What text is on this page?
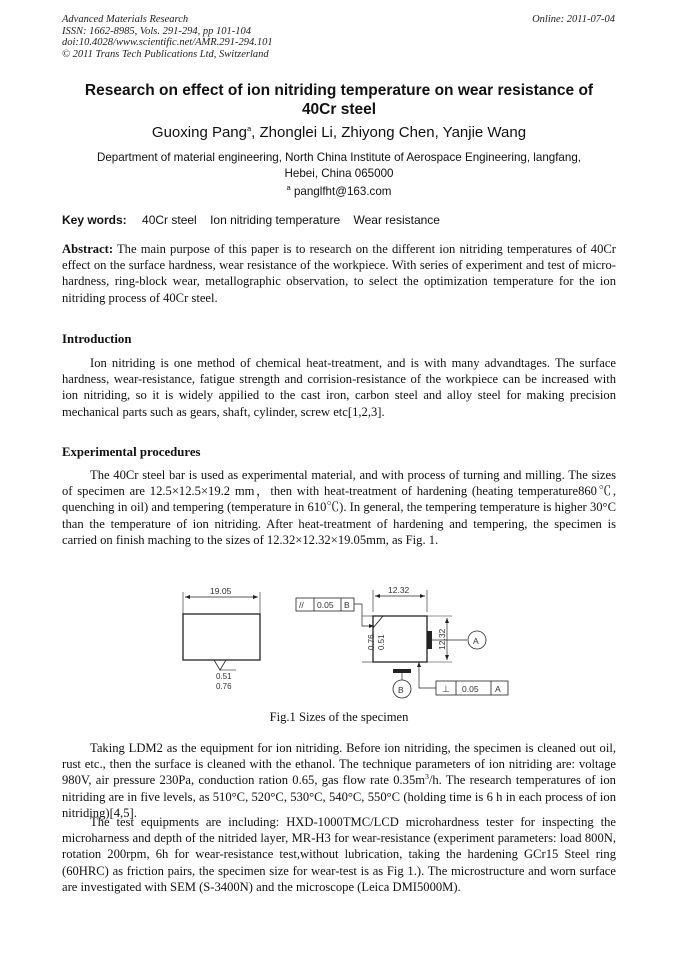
Advanced Materials Research
ISSN: 1662-8985, Vols. 291-294, pp 101-104
doi:10.4028/www.scientific.net/AMR.291-294.101
© 2011 Trans Tech Publications Ltd, Switzerland
Online: 2011-07-04
Research on effect of ion nitriding temperature on wear resistance of
40Cr steel
Guoxing Pang$^a$, Zhonglei Li, Zhiyong Chen, Yanjie Wang
Department of material engineering, North China Institute of Aerospace Engineering, langfang,
Hebei, China 065000
$^a$ panglfht@163.com
Key words: 40Cr steel Ion nitriding temperature Wear resistance
Abstract: The main purpose of this paper is to research on the different ion nitriding temperatures of 40Cr effect on the surface hardness, wear resistance of the workpiece. With series of experiment and test of micro-hardness, ring-block wear, metallographic observation, to select the optimization temperature for the ion nitriding process of 40Cr steel.
Introduction
Ion nitriding is one method of chemical heat-treatment, and is with many advandtages. The surface hardness, wear-resistance, fatigue strength and corrision-resistance of the workpiece can be increased with ion nitriding, so it is widely appilied to the cast iron, carbon steel and alloy steel for making precision mechanical parts such as gears, shaft, cylinder, screw etc[1,2,3].
Experimental procedures
The 40Cr steel bar is used as experimental material, and with process of turning and milling. The sizes of specimen are 12.5×12.5×19.2 mm，then with heat-treatment of hardening (heating temperature860℃, quenching in oil) and tempering (temperature in 610℃). In general, the tempering temperature is higher 30°C than the temperature of ion nitriding. After heat-treatment of hardening and tempering, the specimen is carried on finish maching to the sizes of 12.32×12.32×19.05mm, as Fig. 1.
19.05
0.51
0.76
12.32
// 0.05 B
A
12.32
0.76 0.51
B	⊥ 0.05 A
Fig.1 Sizes of the specimen
Taking LDM2 as the equipment for ion nitriding. Before ion nitriding, the specimen is cleaned out oil, rust etc., then the surface is cleaned with the ethanol. The technique parameters of ion nitriding are: voltage 980V, air pressure 230Pa, conduction ration 0.65, gas flow rate $0.35m^3/h$. The research temperatures of ion nitriding are in five levels, as 510°C, 520°C, 530°C, 540°C, 550°C (holding time is 6 h in each process of ion nitriding)[4,5].
The test equipments are including: HXD-1000TMC/LCD microhardness tester for inspecting the microharness and depth of the nitrided layer, MR-H3 for wear-resistance (experiment parameters: load 800N, rotation 200rpm, 6h for wear-resistance test,without lubrication, taking the hardening GCr15 Steel ring (60HRC) as friction pairs, the specimen size for wear-test is as Fig 1.). The microstructure and worn surface are investigated with SEM (S-3400N) and the microscope (Leica DMI5000M).
